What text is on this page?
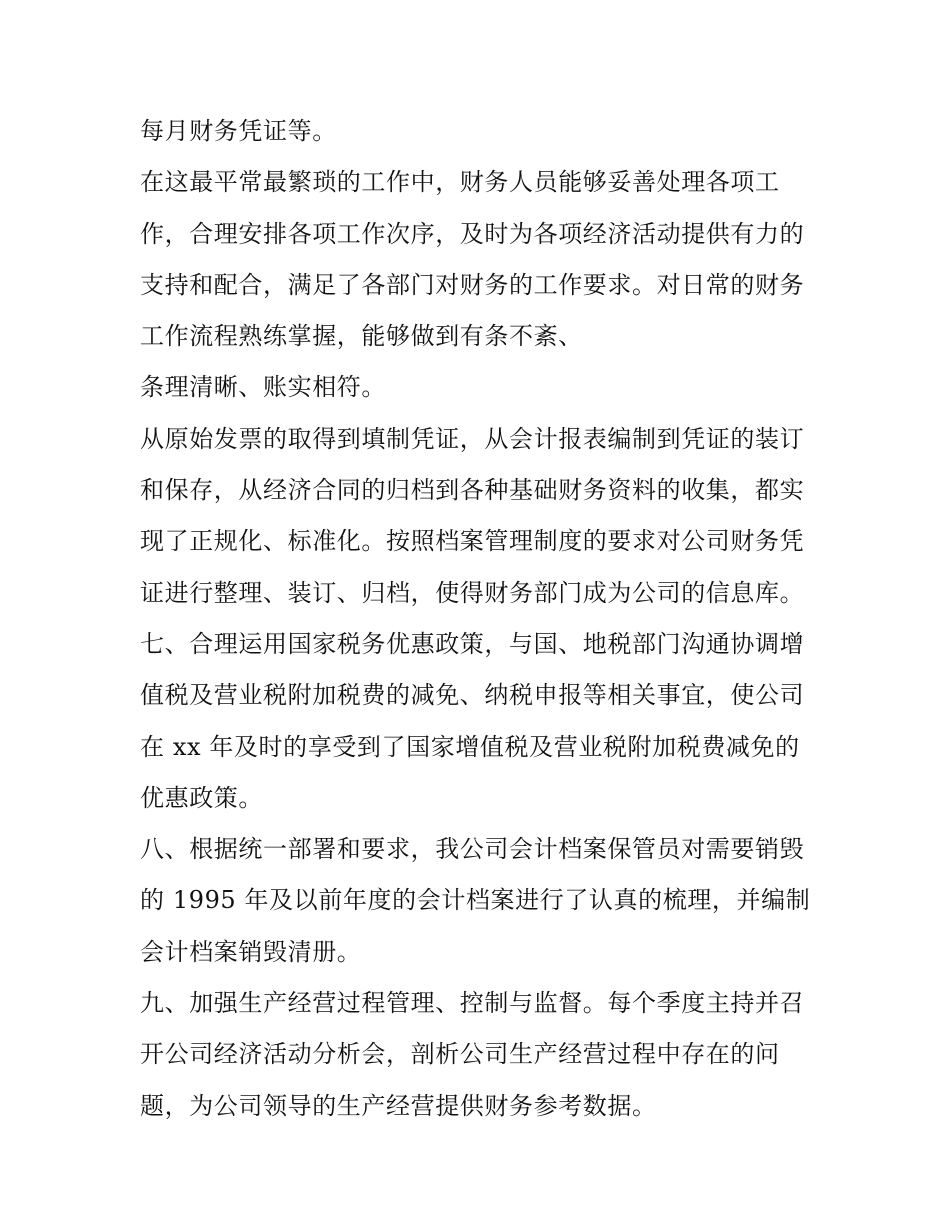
每月财务凭证等。
在这最平常最繁琐的工作中，财务人员能够妥善处理各项工
作，合理安排各项工作次序，及时为各项经济活动提供有力的
支持和配合，满足了各部门对财务的工作要求。对日常的财务
工作流程熟练掌握，能够做到有条不紊、
条理清晰、账实相符。
从原始发票的取得到填制凭证，从会计报表编制到凭证的装订
和保存，从经济合同的归档到各种基础财务资料的收集，都实
现了正规化、标准化。按照档案管理制度的要求对公司财务凭
证进行整理、装订、归档，使得财务部门成为公司的信息库。
七、合理运用国家税务优惠政策，与国、地税部门沟通协调增
值税及营业税附加税费的减免、纳税申报等相关事宜，使公司
在 xx 年及时的享受到了国家增值税及营业税附加税费减免的
优惠政策。
八、根据统一部署和要求，我公司会计档案保管员对需要销毁
的 1995 年及以前年度的会计档案进行了认真的梳理，并编制
会计档案销毁清册。
九、加强生产经营过程管理、控制与监督。每个季度主持并召
开公司经济活动分析会，剖析公司生产经营过程中存在的问
题，为公司领导的生产经营提供财务参考数据。
